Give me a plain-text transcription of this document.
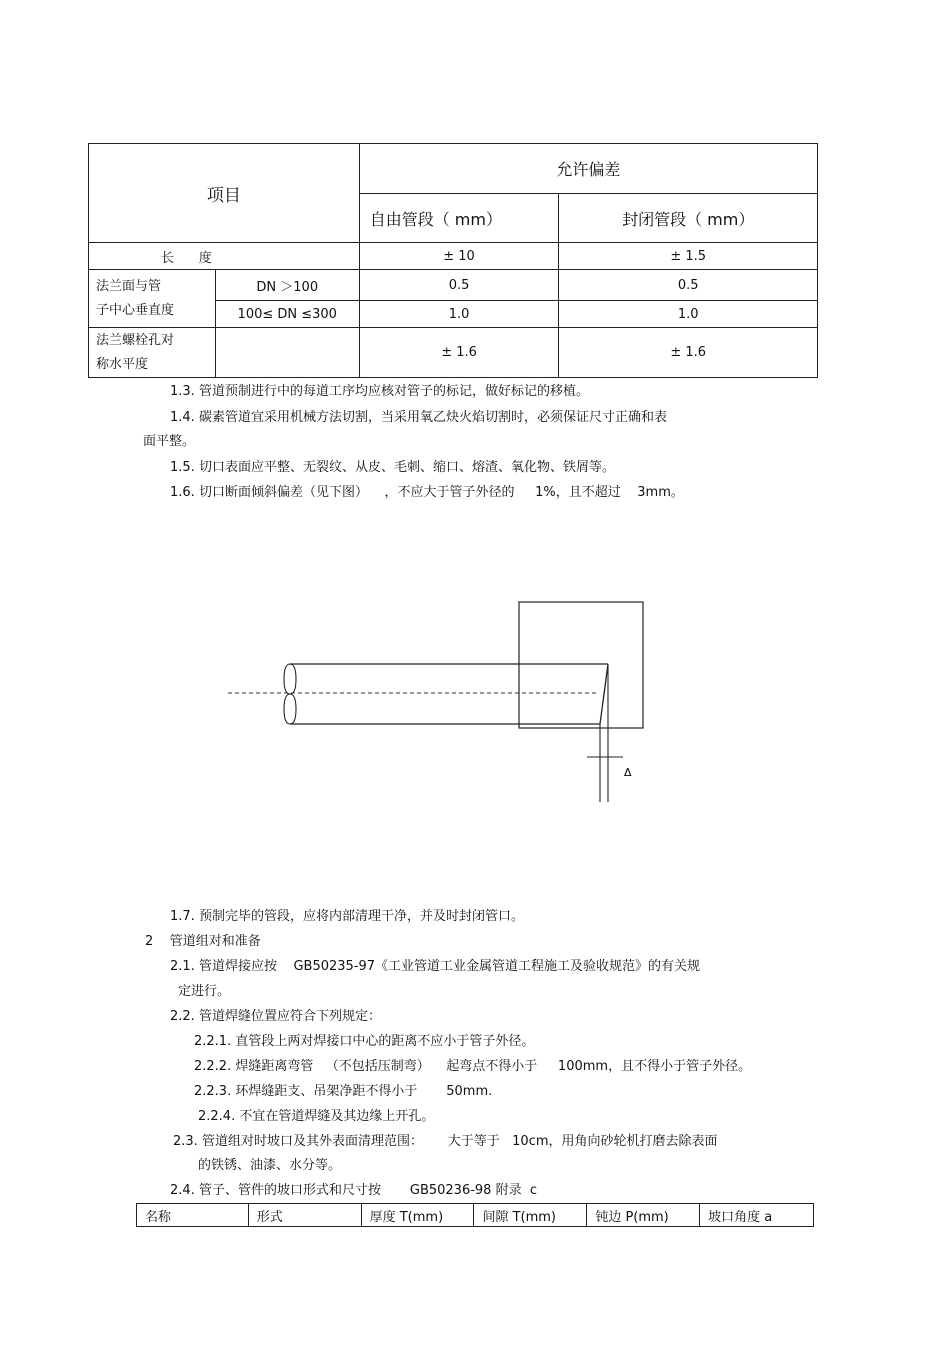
项目		允许偏差	
		自由管段（ mm）	封闭管段（ mm）
长      度		± 10	± 1.5

法兰面与管
子中心垂直度	DN ＞100	0.5	0.5
	100≤ DN ≤300	1.0	1.0

法兰螺栓孔对
称水平度		± 1.6	± 1.6
1.3. 管道预制进行中的每道工序均应核对管子的标记，做好标记的移植。
1.4. 碳素管道宜采用机械方法切割，当采用氧乙炔火焰切割时，必须保证尺寸正确和表
面平整。
1.5. 切口表面应平整、无裂纹、从皮、毛刺、缩口、熔渣、氧化物、铁屑等。
1.6. 切口断面倾斜偏差（见下图）    ，不应大于管子外径的     1%，且不超过    3mm。
Δ
1.7. 预制完毕的管段，应将内部清理干净，并及时封闭管口。
2    管道组对和准备
2.1. 管道焊接应按    GB50235-97《工业管道工业金属管道工程施工及验收规范》的有关规
定进行。
2.2. 管道焊缝位置应符合下列规定：
2.2.1. 直管段上两对焊接口中心的距离不应小于管子外径。
2.2.2. 焊缝距离弯管   （不包括压制弯）    起弯点不得小于     100mm，且不得小于管子外径。
2.2.3. 环焊缝距支、吊架净距不得小于       50mm.
2.2.4. 不宜在管道焊缝及其边缘上开孔。
2.3. 管道组对时坡口及其外表面清理范围：      大于等于   10cm，用角向砂轮机打磨去除表面
的铁锈、油漆、水分等。
2.4. 管子、管件的坡口形式和尺寸按       GB50236-98 附录  c
名称	形式	厚度 T(mm)	间隙 T(mm)	钝边 P(mm)	坡口角度 a
